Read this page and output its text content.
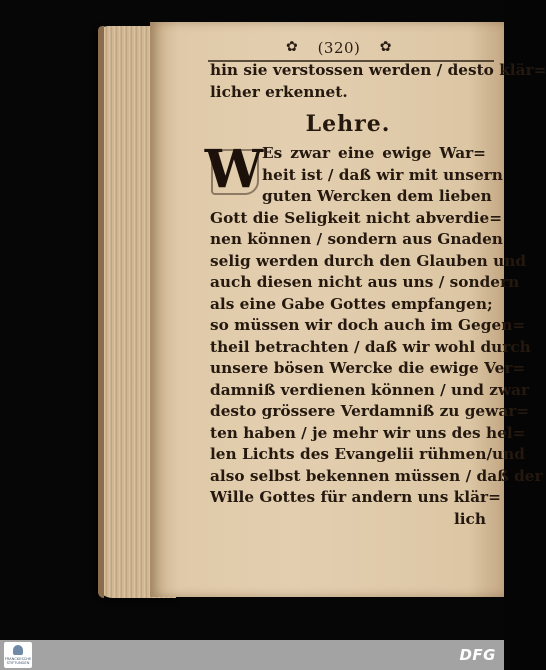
✿ (320) ✿
hin sie verstossen werden / desto klär=
licher erkennet.
Lehre.
W
Es zwar eine ewige War=
heit ist / daß wir mit unsern
guten Wercken dem lieben
Gott die Seligkeit nicht abverdie=
nen können / sondern aus Gnaden
selig werden durch den Glauben und
auch diesen nicht aus uns / sondern
als eine Gabe Gottes empfangen;
so müssen wir doch auch im Gegen=
theil betrachten / daß wir wohl durch
unsere bösen Wercke die ewige Ver=
damniß verdienen können / und zwar
desto grössere Verdamniß zu gewar=
ten haben / je mehr wir uns des hel=
len Lichts des Evangelii rühmen/und
also selbst bekennen müssen / daß der
Wille Gottes für andern uns klär=
lich
FRANCKESCHE STIFTUNGEN	DFG
